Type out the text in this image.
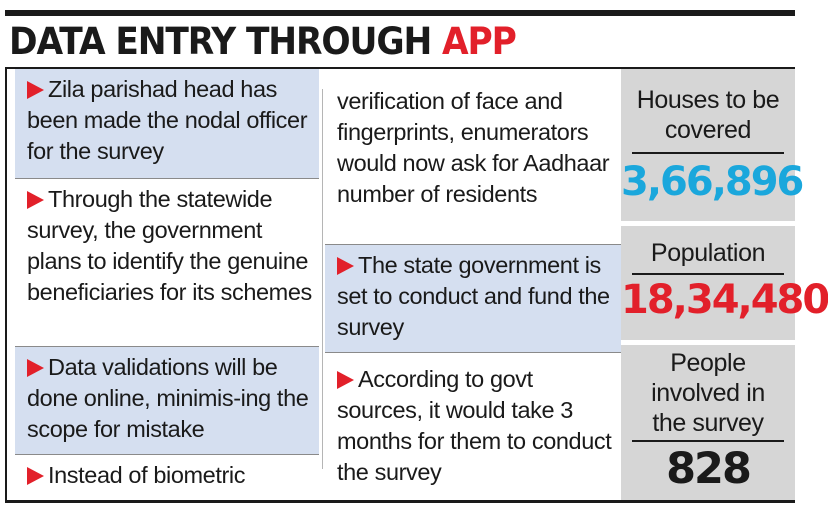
DATA ENTRY THROUGH APP
Zila parishad head has been made the nodal officer for the survey
Through the statewide survey, the government plans to identify the genuine beneficiaries for its schemes
Data validations will be done online, minimis-ing the scope for mistake
Instead of biometric
verification of face and fingerprints, enumerators would now ask for Aadhaar number of residents
The state government is set to conduct and fund the survey
According to govt sources, it would take 3 months for them to conduct the survey
Houses to be covered
3,66,896
Population
18,34,480
People involved in the survey
828
